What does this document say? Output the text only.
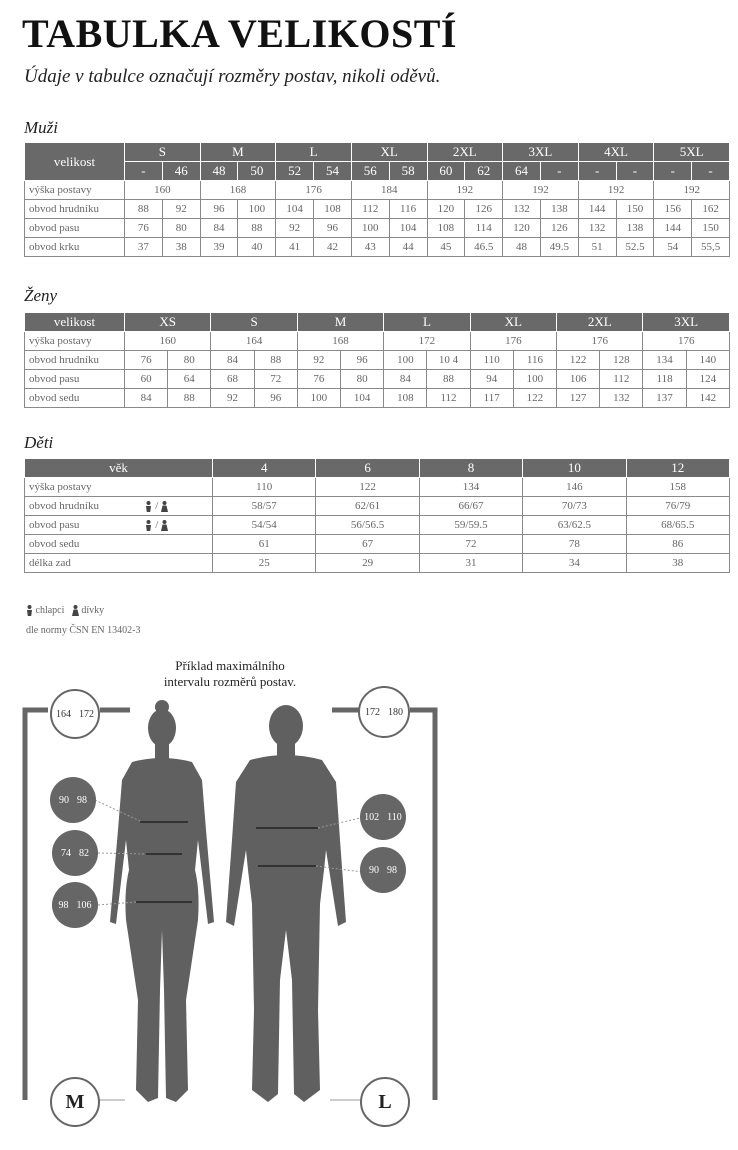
TABULKA VELIKOSTÍ
Údaje v tabulce označují rozměry postav, nikoli oděvů.
Muži
velikost	S		M		L		XL		2XL		3XL		4XL		5XL	
	-	46	48	50	52	54	56	58	60	62	64	-	-	-	-	-
výška postavy	160		168		176		184		192		192		192		192	
obvod hrudníku	88	92	96	100	104	108	112	116	120	126	132	138	144	150	156	162
obvod pasu	76	80	84	88	92	96	100	104	108	114	120	126	132	138	144	150
obvod krku	37	38	39	40	41	42	43	44	45	46.5	48	49.5	51	52.5	54	55,5
Ženy
velikost	XS		S		M		L		XL		2XL		3XL	
výška postavy	160		164		168		172		176		176		176	
obvod hrudníku	76	80	84	88	92	96	100	10 4	110	116	122	128	134	140
obvod pasu	60	64	68	72	76	80	84	88	94	100	106	112	118	124
obvod sedu	84	88	92	96	100	104	108	112	117	122	127	132	137	142
Děti
věk	4	6	8	10	12
výška postavy	110	122	134	146	158
obvod hrudníku /	58/57	62/61	66/67	70/73	76/79
obvod pasu /	54/54	56/56.5	59/59.5	63/62.5	68/65.5
obvod sedu	61	67	72	78	86
délka zad	25	29	31	34	38
chlapci dívky
dle normy ČSN EN 13402-3
Příklad maximálního
intervalu rozměrů postav.
164 172
90 98
74 82
98 106
M
172 180
102 110
90 98
L
